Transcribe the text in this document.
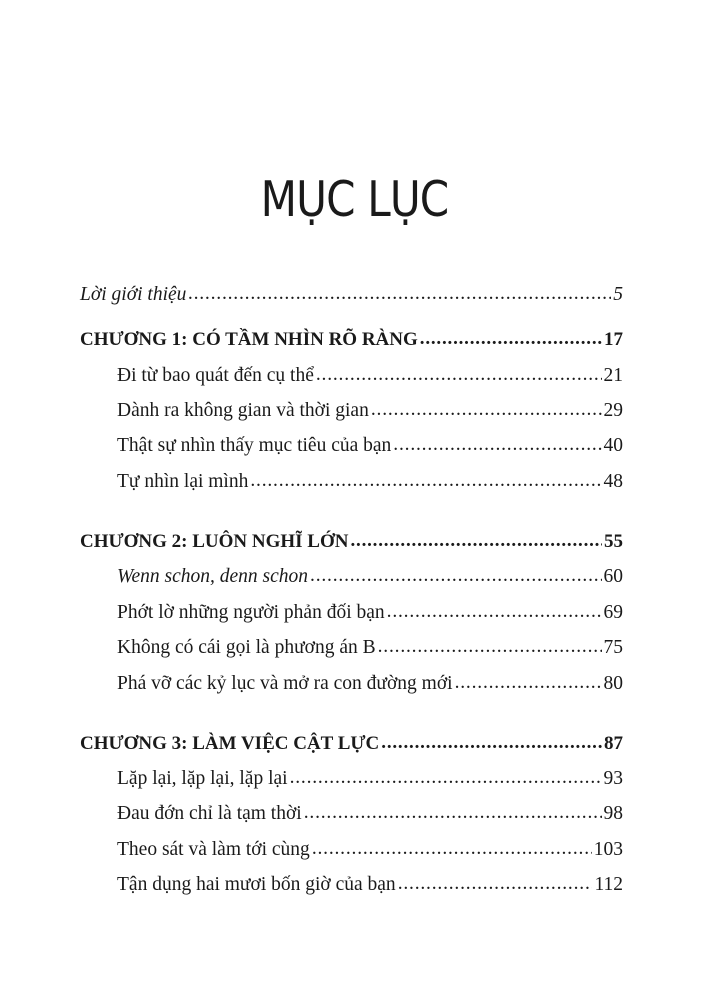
MỤC LỤC
Lời giới thiệu .....	5
CHƯƠNG 1: CÓ TẦM NHÌN RÕ RÀNG .....	17
Đi từ bao quát đến cụ thể .....	21
Dành ra không gian và thời gian .....	29
Thật sự nhìn thấy mục tiêu của bạn .....	40
Tự nhìn lại mình .....	48
CHƯƠNG 2: LUÔN NGHĨ LỚN .....	55
Wenn schon, denn schon .....	60
Phớt lờ những người phản đối bạn .....	69
Không có cái gọi là phương án B .....	75
Phá vỡ các kỷ lục và mở ra con đường mới .....	80
CHƯƠNG 3: LÀM VIỆC CẬT LỰC .....	87
Lặp lại, lặp lại, lặp lại .....	93
Đau đớn chỉ là tạm thời .....	98
Theo sát và làm tới cùng .....	103
Tận dụng hai mươi bốn giờ của bạn .....	112
